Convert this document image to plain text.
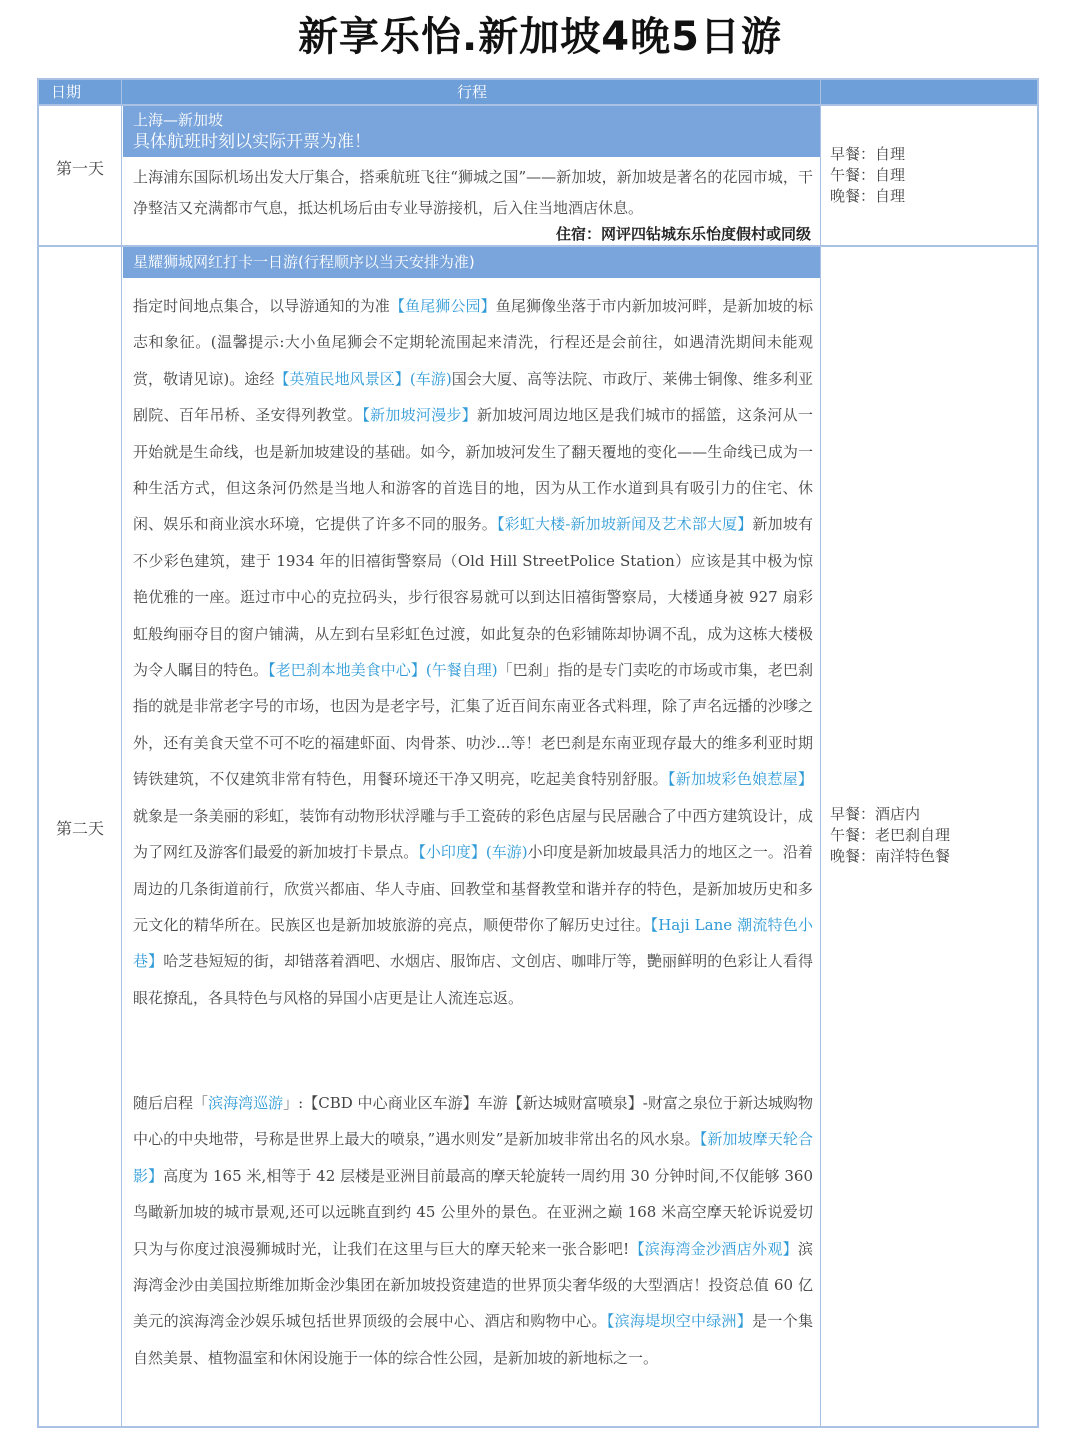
新享乐怡.新加坡4晚5日游
日期	行程
第一天
上海—新加坡
具体航班时刻以实际开票为准！
上海浦东国际机场出发大厅集合，搭乘航班飞往“狮城之国”——新加坡，新加坡是著名的花园市城，干净整洁又充满都市气息，抵达机场后由专业导游接机，后入住当地酒店休息。
住宿：网评四钻城东乐怡度假村或同级
早餐：自理
午餐：自理
晚餐：自理
第二天
星耀狮城网红打卡一日游(行程顺序以当天安排为准)
指定时间地点集合，以导游通知的为准【鱼尾狮公园】鱼尾狮像坐落于市内新加坡河畔，是新加坡的标志和象征。(温馨提示:大小鱼尾狮会不定期轮流围起来清洗，行程还是会前往，如遇清洗期间未能观赏，敬请见谅)。途经【英殖民地风景区】(车游)国会大厦、高等法院、市政厅、莱佛士铜像、维多利亚剧院、百年吊桥、圣安得列教堂。【新加坡河漫步】新加坡河周边地区是我们城市的摇篮，这条河从一开始就是生命线，也是新加坡建设的基础。如今，新加坡河发生了翻天覆地的变化——生命线已成为一种生活方式，但这条河仍然是当地人和游客的首选目的地，因为从工作水道到具有吸引力的住宅、休闲、娱乐和商业滨水环境，它提供了许多不同的服务。【彩虹大楼-新加坡新闻及艺术部大厦】新加坡有不少彩色建筑，建于 1934 年的旧禧街警察局（Old Hill StreetPolice Station）应该是其中极为惊艳优雅的一座。逛过市中心的克拉码头，步行很容易就可以到达旧禧街警察局，大楼通身被 927 扇彩虹般绚丽夺目的窗户铺满，从左到右呈彩虹色过渡，如此复杂的色彩铺陈却协调不乱，成为这栋大楼极为令人瞩目的特色。【老巴刹本地美食中心】(午餐自理)「巴刹」指的是专门卖吃的市场或市集，老巴刹指的就是非常老字号的市场，也因为是老字号，汇集了近百间东南亚各式料理，除了声名远播的沙嗲之外，还有美食天堂不可不吃的福建虾面、肉骨茶、叻沙...等！老巴刹是东南亚现存最大的维多利亚时期铸铁建筑，不仅建筑非常有特色，用餐环境还干净又明亮，吃起美食特别舒服。【新加坡彩色娘惹屋】就象是一条美丽的彩虹，装饰有动物形状浮雕与手工瓷砖的彩色店屋与民居融合了中西方建筑设计，成为了网红及游客们最爱的新加坡打卡景点。【小印度】(车游)小印度是新加坡最具活力的地区之一。沿着周边的几条街道前行，欣赏兴都庙、华人寺庙、回教堂和基督教堂和谐并存的特色，是新加坡历史和多元文化的精华所在。民族区也是新加坡旅游的亮点，顺便带你了解历史过往。【Haji Lane 潮流特色小巷】哈芝巷短短的街，却错落着酒吧、水烟店、服饰店、文创店、咖啡厅等，艷丽鲜明的色彩让人看得眼花撩乱，各具特色与风格的异国小店更是让人流连忘返。
随后启程「滨海湾巡游」:【CBD 中心商业区车游】车游【新达城财富喷泉】-财富之泉位于新达城购物中心的中央地带，号称是世界上最大的喷泉，”遇水则发”是新加坡非常出名的风水泉。【新加坡摩天轮合影】高度为 165 米,相等于 42 层楼是亚洲目前最高的摩天轮旋转一周约用 30 分钟时间,不仅能够 360 鸟瞰新加坡的城市景观,还可以远眺直到约 45 公里外的景色。在亚洲之巅 168 米高空摩天轮诉说爱切只为与你度过浪漫狮城时光，让我们在这里与巨大的摩天轮来一张合影吧!【滨海湾金沙酒店外观】滨海湾金沙由美国拉斯维加斯金沙集团在新加坡投资建造的世界顶尖奢华级的大型酒店！投资总值 60 亿美元的滨海湾金沙娱乐城包括世界顶级的会展中心、酒店和购物中心。【滨海堤坝空中绿洲】是一个集自然美景、植物温室和休闲设施于一体的综合性公园，是新加坡的新地标之一。
早餐：酒店内
午餐：老巴刹自理
晚餐：南洋特色餐
